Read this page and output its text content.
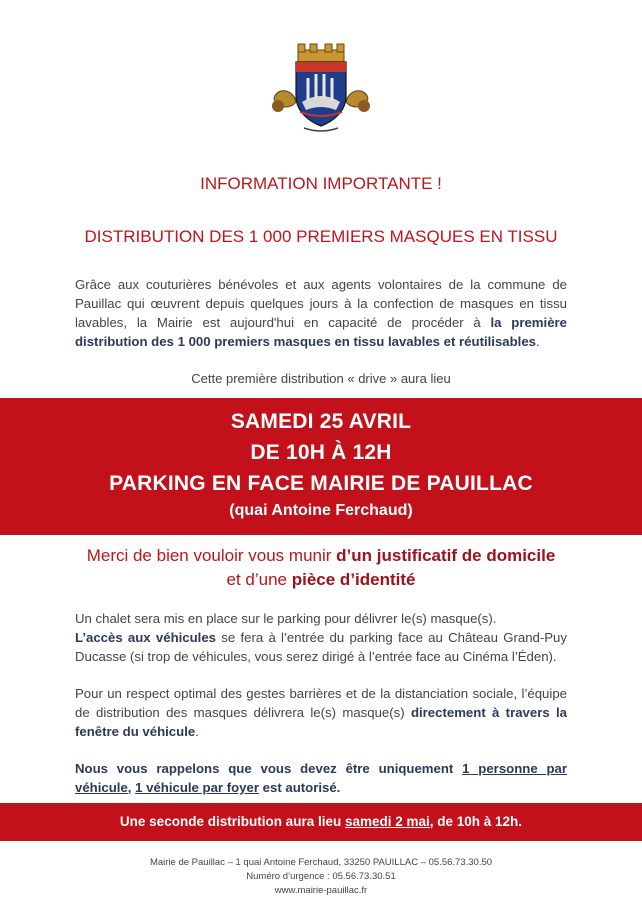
INFORMATION IMPORTANTE !
DISTRIBUTION DES 1 000 PREMIERS MASQUES EN TISSU
Grâce aux couturières bénévoles et aux agents volontaires de la commune de Pauillac qui œuvrent depuis quelques jours à la confection de masques en tissu lavables, la Mairie est aujourd'hui en capacité de procéder à la première distribution des 1 000 premiers masques en tissu lavables et réutilisables.
Cette première distribution « drive » aura lieu
SAMEDI 25 AVRIL
DE 10H À 12H
PARKING EN FACE MAIRIE DE PAUILLAC
(quai Antoine Ferchaud)
Merci de bien vouloir vous munir d’un justificatif de domicile
et d’une pièce d’identité
Un chalet sera mis en place sur le parking pour délivrer le(s) masque(s).
L’accès aux véhicules se fera à l’entrée du parking face au Château Grand-Puy Ducasse (si trop de véhicules, vous serez dirigé à l’entrée face au Cinéma l’Éden).
Pour un respect optimal des gestes barrières et de la distanciation sociale, l’équipe de distribution des masques délivrera le(s) masque(s) directement à travers la fenêtre du véhicule.
Nous vous rappelons que vous devez être uniquement 1 personne par véhicule, 1 véhicule par foyer est autorisé.
Une seconde distribution aura lieu samedi 2 mai, de 10h à 12h.
Mairie de Pauillac – 1 quai Antoine Ferchaud, 33250 PAUILLAC – 05.56.73.30.50
Numéro d’urgence : 05.56.73.30.51
www.mairie-pauillac.fr
